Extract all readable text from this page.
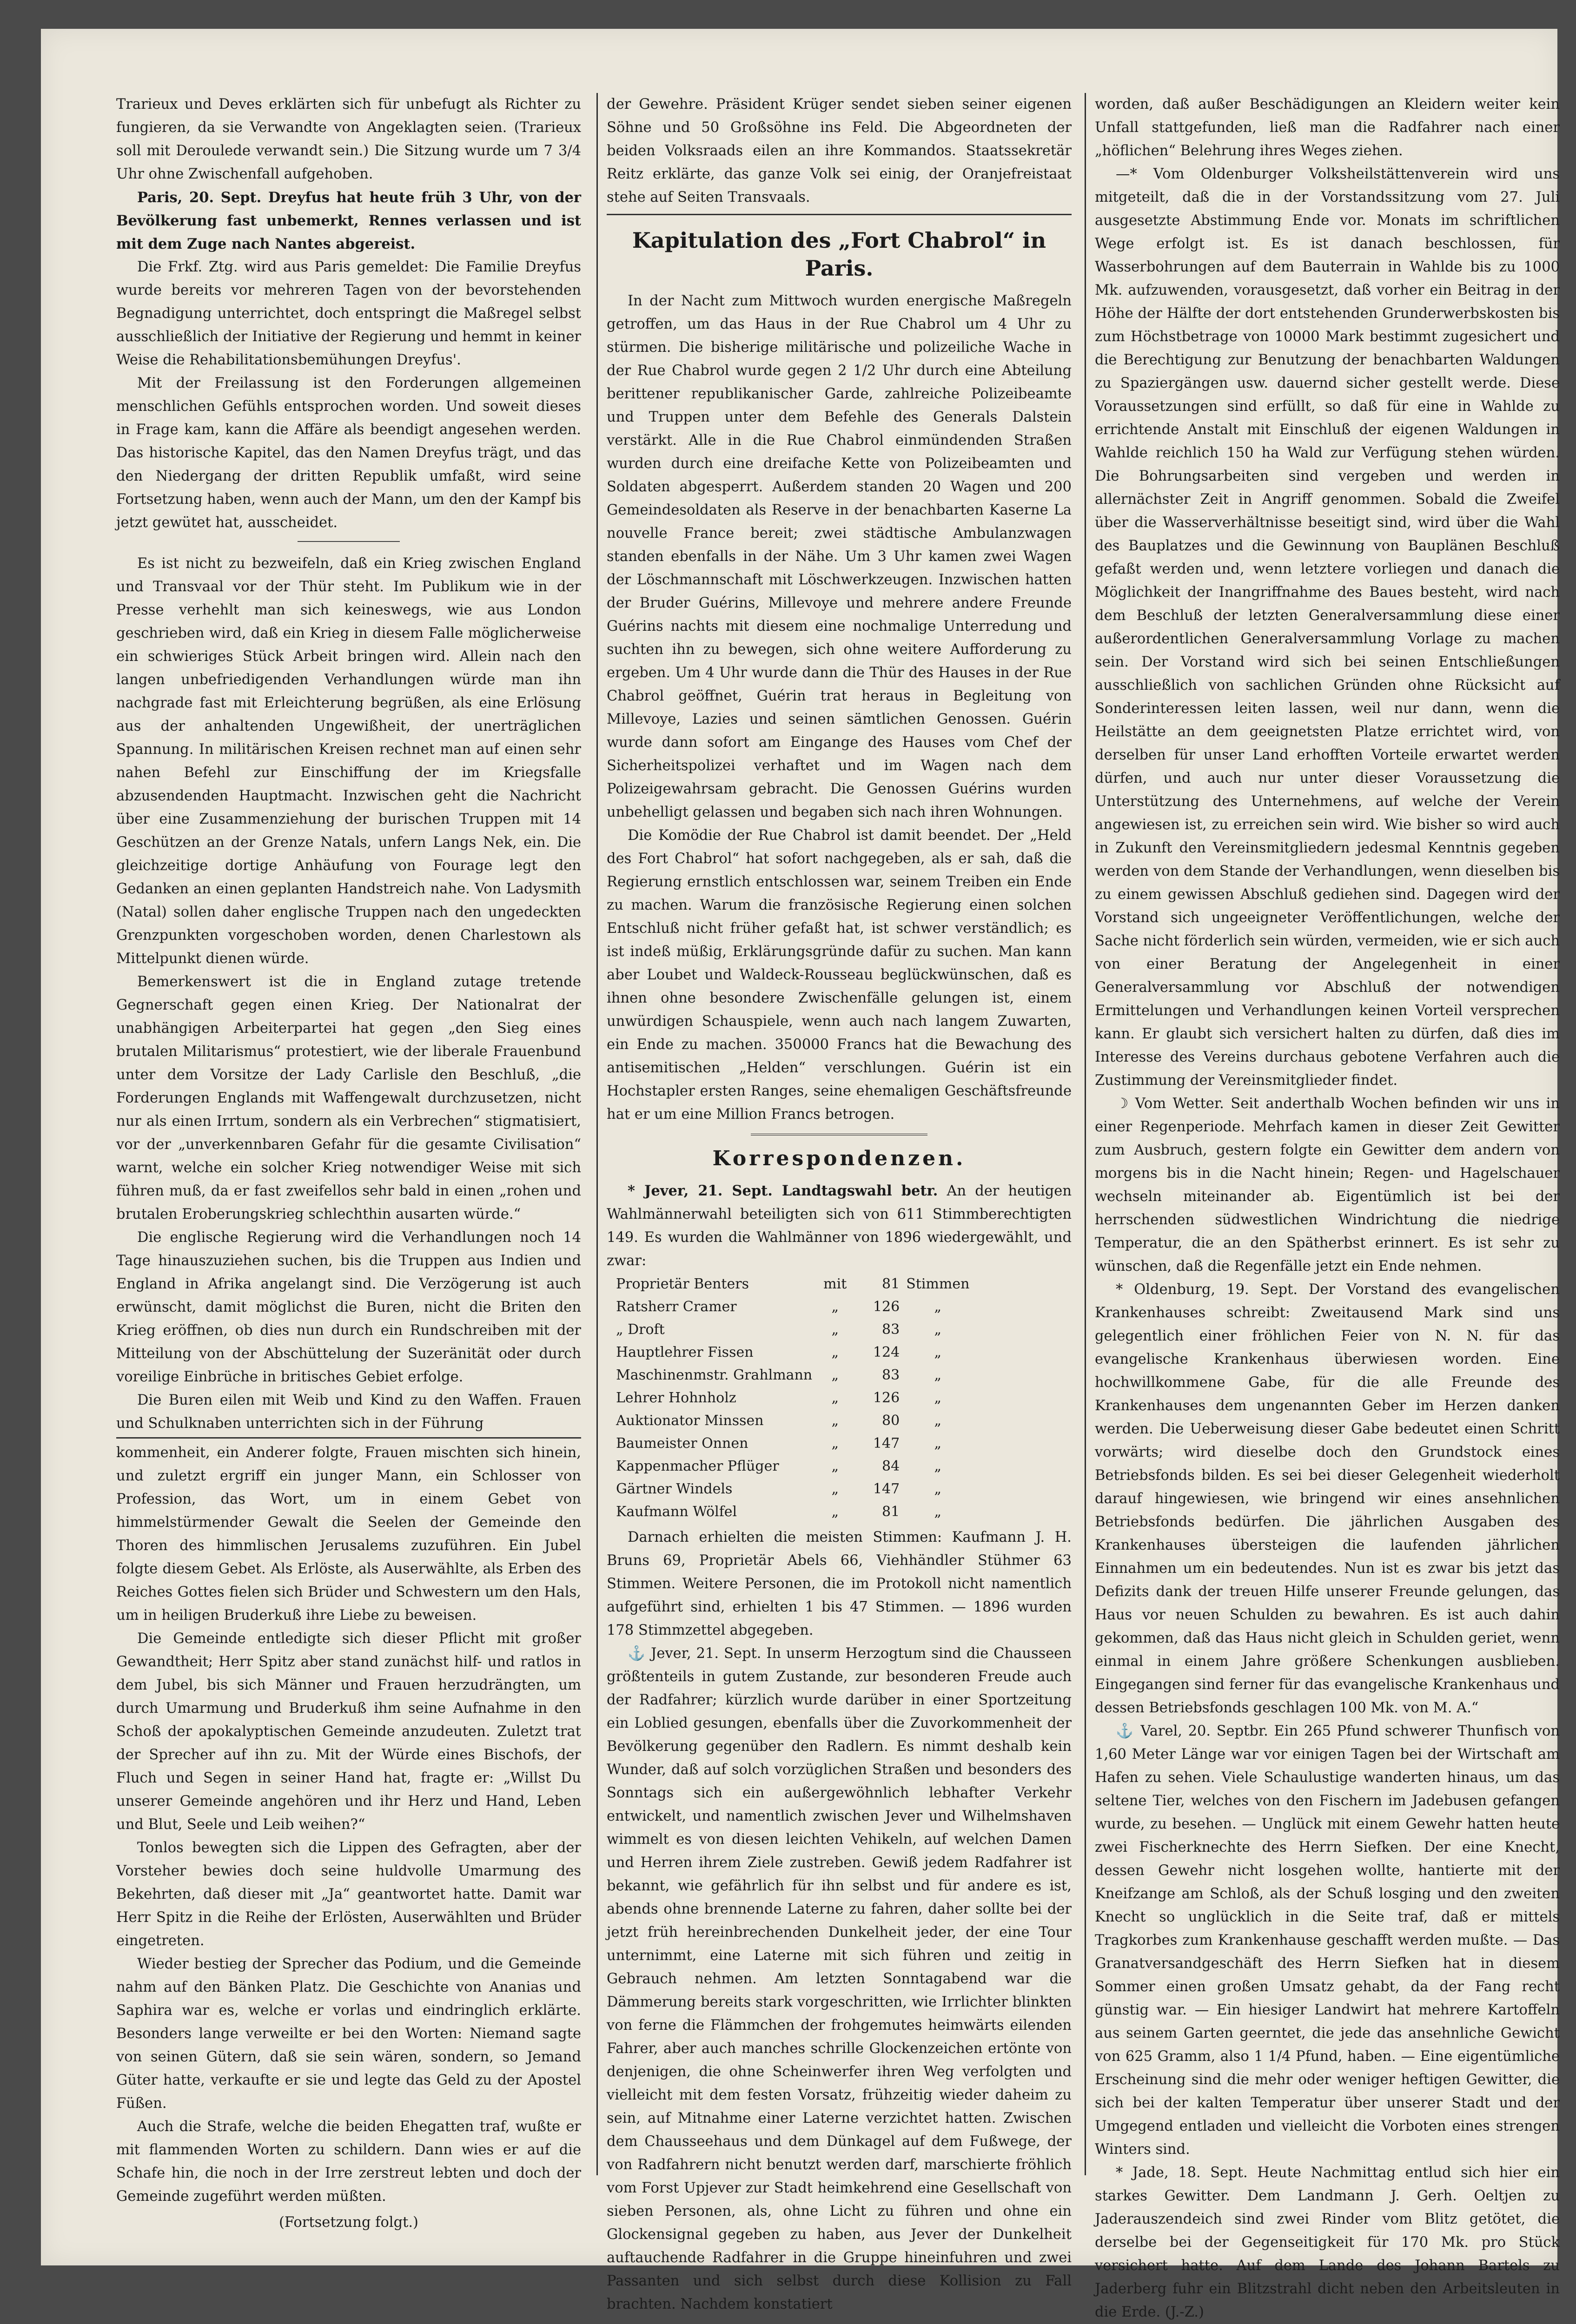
Trarieux und Deves erklärten sich für unbefugt als Richter zu fungieren, da sie Verwandte von Angeklagten seien. (Trarieux soll mit Deroulede verwandt sein.) Die Sitzung wurde um 7 3/4 Uhr ohne Zwischenfall aufgehoben.

Paris, 20. Sept. Dreyfus hat heute früh 3 Uhr, von der Bevölkerung fast unbemerkt, Rennes verlassen und ist mit dem Zuge nach Nantes abgereist.

Die Frkf. Ztg. wird aus Paris gemeldet: Die Familie Dreyfus wurde bereits vor mehreren Tagen von der bevorstehenden Begnadigung unterrichtet, doch entspringt die Maßregel selbst ausschließlich der Initiative der Regierung und hemmt in keiner Weise die Rehabilitationsbemühungen Dreyfus'.

Mit der Freilassung ist den Forderungen allgemeinen menschlichen Gefühls entsprochen worden. Und soweit dieses in Frage kam, kann die Affäre als beendigt angesehen werden. Das historische Kapitel, das den Namen Dreyfus trägt, und das den Niedergang der dritten Republik umfaßt, wird seine Fortsetzung haben, wenn auch der Mann, um den der Kampf bis jetzt gewütet hat, ausscheidet.

Es ist nicht zu bezweifeln, daß ein Krieg zwischen England und Transvaal vor der Thür steht. Im Publikum wie in der Presse verhehlt man sich keineswegs, wie aus London geschrieben wird, daß ein Krieg in diesem Falle möglicherweise ein schwieriges Stück Arbeit bringen wird. Allein nach den langen unbefriedigenden Verhandlungen würde man ihn nachgrade fast mit Erleichterung begrüßen, als eine Erlösung aus der anhaltenden Ungewißheit, der unerträglichen Spannung. In militärischen Kreisen rechnet man auf einen sehr nahen Befehl zur Einschiffung der im Kriegsfalle abzusendenden Hauptmacht. Inzwischen geht die Nachricht über eine Zusammenziehung der burischen Truppen mit 14 Geschützen an der Grenze Natals, unfern Langs Nek, ein. Die gleichzeitige dortige Anhäufung von Fourage legt den Gedanken an einen geplanten Handstreich nahe. Von Ladysmith (Natal) sollen daher englische Truppen nach den ungedeckten Grenzpunkten vorgeschoben worden, denen Charlestown als Mittelpunkt dienen würde.

Bemerkenswert ist die in England zutage tretende Gegnerschaft gegen einen Krieg. Der Nationalrat der unabhängigen Arbeiterpartei hat gegen „den Sieg eines brutalen Militarismus“ protestiert, wie der liberale Frauenbund unter dem Vorsitze der Lady Carlisle den Beschluß, „die Forderungen Englands mit Waffengewalt durchzusetzen, nicht nur als einen Irrtum, sondern als ein Verbrechen“ stigmatisiert, vor der „unverkennbaren Gefahr für die gesamte Civilisation“ warnt, welche ein solcher Krieg notwendiger Weise mit sich führen muß, da er fast zweifellos sehr bald in einen „rohen und brutalen Eroberungskrieg schlechthin ausarten würde.“

Die englische Regierung wird die Verhandlungen noch 14 Tage hinauszuziehen suchen, bis die Truppen aus Indien und England in Afrika angelangt sind. Die Verzögerung ist auch erwünscht, damit möglichst die Buren, nicht die Briten den Krieg eröffnen, ob dies nun durch ein Rundschreiben mit der Mitteilung von der Abschüttelung der Suzeränität oder durch voreilige Einbrüche in britisches Gebiet erfolge.

Die Buren eilen mit Weib und Kind zu den Waffen. Frauen und Schulknaben unterrichten sich in der Führung

kommenheit, ein Anderer folgte, Frauen mischten sich hinein, und zuletzt ergriff ein junger Mann, ein Schlosser von Profession, das Wort, um in einem Gebet von himmelstürmender Gewalt die Seelen der Gemeinde den Thoren des himmlischen Jerusalems zuzuführen. Ein Jubel folgte diesem Gebet. Als Erlöste, als Auserwählte, als Erben des Reiches Gottes fielen sich Brüder und Schwestern um den Hals, um in heiligen Bruderkuß ihre Liebe zu beweisen.

Die Gemeinde entledigte sich dieser Pflicht mit großer Gewandtheit; Herr Spitz aber stand zunächst hilf- und ratlos in dem Jubel, bis sich Männer und Frauen herzudrängten, um durch Umarmung und Bruderkuß ihm seine Aufnahme in den Schoß der apokalyptischen Gemeinde anzudeuten. Zuletzt trat der Sprecher auf ihn zu. Mit der Würde eines Bischofs, der Fluch und Segen in seiner Hand hat, fragte er: „Willst Du unserer Gemeinde angehören und ihr Herz und Hand, Leben und Blut, Seele und Leib weihen?“

Tonlos bewegten sich die Lippen des Gefragten, aber der Vorsteher bewies doch seine huldvolle Umarmung des Bekehrten, daß dieser mit „Ja“ geantwortet hatte. Damit war Herr Spitz in die Reihe der Erlösten, Auserwählten und Brüder eingetreten.

Wieder bestieg der Sprecher das Podium, und die Gemeinde nahm auf den Bänken Platz. Die Geschichte von Ananias und Saphira war es, welche er vorlas und eindringlich erklärte. Besonders lange verweilte er bei den Worten: Niemand sagte von seinen Gütern, daß sie sein wären, sondern, so Jemand Güter hatte, verkaufte er sie und legte das Geld zu der Apostel Füßen.

Auch die Strafe, welche die beiden Ehegatten traf, wußte er mit flammenden Worten zu schildern. Dann wies er auf die Schafe hin, die noch in der Irre zerstreut lebten und doch der Gemeinde zugeführt werden müßten.

(Fortsetzung folgt.)

der Gewehre. Präsident Krüger sendet sieben seiner eigenen Söhne und 50 Großsöhne ins Feld. Die Abgeordneten der beiden Volksraads eilen an ihre Kommandos. Staatssekretär Reitz erklärte, das ganze Volk sei einig, der Oranjefreistaat stehe auf Seiten Transvaals.

Kapitulation des „Fort Chabrol“ in Paris.

In der Nacht zum Mittwoch wurden energische Maßregeln getroffen, um das Haus in der Rue Chabrol um 4 Uhr zu stürmen. Die bisherige militärische und polizeiliche Wache in der Rue Chabrol wurde gegen 2 1/2 Uhr durch eine Abteilung berittener republikanischer Garde, zahlreiche Polizeibeamte und Truppen unter dem Befehle des Generals Dalstein verstärkt. Alle in die Rue Chabrol einmündenden Straßen wurden durch eine dreifache Kette von Polizeibeamten und Soldaten abgesperrt. Außerdem standen 20 Wagen und 200 Gemeindesoldaten als Reserve in der benachbarten Kaserne La nouvelle France bereit; zwei städtische Ambulanzwagen standen ebenfalls in der Nähe. Um 3 Uhr kamen zwei Wagen der Löschmannschaft mit Löschwerkzeugen. Inzwischen hatten der Bruder Guérins, Millevoye und mehrere andere Freunde Guérins nachts mit diesem eine nochmalige Unterredung und suchten ihn zu bewegen, sich ohne weitere Aufforderung zu ergeben. Um 4 Uhr wurde dann die Thür des Hauses in der Rue Chabrol geöffnet, Guérin trat heraus in Begleitung von Millevoye, Lazies und seinen sämtlichen Genossen. Guérin wurde dann sofort am Eingange des Hauses vom Chef der Sicherheitspolizei verhaftet und im Wagen nach dem Polizeigewahrsam gebracht. Die Genossen Guérins wurden unbehelligt gelassen und begaben sich nach ihren Wohnungen.

Die Komödie der Rue Chabrol ist damit beendet. Der „Held des Fort Chabrol“ hat sofort nachgegeben, als er sah, daß die Regierung ernstlich entschlossen war, seinem Treiben ein Ende zu machen. Warum die französische Regierung einen solchen Entschluß nicht früher gefaßt hat, ist schwer verständlich; es ist indeß müßig, Erklärungsgründe dafür zu suchen. Man kann aber Loubet und Waldeck-Rousseau beglückwünschen, daß es ihnen ohne besondere Zwischenfälle gelungen ist, einem unwürdigen Schauspiele, wenn auch nach langem Zuwarten, ein Ende zu machen. 350000 Francs hat die Bewachung des antisemitischen „Helden“ verschlungen. Guérin ist ein Hochstapler ersten Ranges, seine ehemaligen Geschäftsfreunde hat er um eine Million Francs betrogen.

Korrespondenzen.

* Jever, 21. Sept. Landtagswahl betr. An der heutigen Wahlmännerwahl beteiligten sich von 611 Stimmberechtigten 149. Es wurden die Wahlmänner von 1896 wiedergewählt, und zwar:

Proprietär Benters	mit	81	Stimmen
Ratsherr Cramer	„	126	„
„ Droft	„	83	„
Hauptlehrer Fissen	„	124	„
Maschinenmstr. Grahlmann	„	83	„
Lehrer Hohnholz	„	126	„
Auktionator Minssen	„	80	„
Baumeister Onnen	„	147	„
Kappenmacher Pflüger	„	84	„
Gärtner Windels	„	147	„
Kaufmann Wölfel	„	81	„

Darnach erhielten die meisten Stimmen: Kaufmann J. H. Bruns 69, Proprietär Abels 66, Viehhändler Stühmer 63 Stimmen. Weitere Personen, die im Protokoll nicht namentlich aufgeführt sind, erhielten 1 bis 47 Stimmen. — 1896 wurden 178 Stimmzettel abgegeben.

⚓ Jever, 21. Sept. In unserm Herzogtum sind die Chausseen größtenteils in gutem Zustande, zur besonderen Freude auch der Radfahrer; kürzlich wurde darüber in einer Sportzeitung ein Loblied gesungen, ebenfalls über die Zuvorkommenheit der Bevölkerung gegenüber den Radlern. Es nimmt deshalb kein Wunder, daß auf solch vorzüglichen Straßen und besonders des Sonntags sich ein außergewöhnlich lebhafter Verkehr entwickelt, und namentlich zwischen Jever und Wilhelmshaven wimmelt es von diesen leichten Vehikeln, auf welchen Damen und Herren ihrem Ziele zustreben. Gewiß jedem Radfahrer ist bekannt, wie gefährlich für ihn selbst und für andere es ist, abends ohne brennende Laterne zu fahren, daher sollte bei der jetzt früh hereinbrechenden Dunkelheit jeder, der eine Tour unternimmt, eine Laterne mit sich führen und zeitig in Gebrauch nehmen. Am letzten Sonntagabend war die Dämmerung bereits stark vorgeschritten, wie Irrlichter blinkten von ferne die Flämmchen der frohgemutes heimwärts eilenden Fahrer, aber auch manches schrille Glockenzeichen ertönte von denjenigen, die ohne Scheinwerfer ihren Weg verfolgten und vielleicht mit dem festen Vorsatz, frühzeitig wieder daheim zu sein, auf Mitnahme einer Laterne verzichtet hatten. Zwischen dem Chausseehaus und dem Dünkagel auf dem Fußwege, der von Radfahrern nicht benutzt werden darf, marschierte fröhlich vom Forst Upjever zur Stadt heimkehrend eine Gesellschaft von sieben Personen, als, ohne Licht zu führen und ohne ein Glockensignal gegeben zu haben, aus Jever der Dunkelheit auftauchende Radfahrer in die Gruppe hineinfuhren und zwei Passanten und sich selbst durch diese Kollision zu Fall brachten. Nachdem konstatiert

worden, daß außer Beschädigungen an Kleidern weiter kein Unfall stattgefunden, ließ man die Radfahrer nach einer „höflichen“ Belehrung ihres Weges ziehen.

—* Vom Oldenburger Volksheilstättenverein wird uns mitgeteilt, daß die in der Vorstandssitzung vom 27. Juli ausgesetzte Abstimmung Ende vor. Monats im schriftlichen Wege erfolgt ist. Es ist danach beschlossen, für Wasserbohrungen auf dem Bauterrain in Wahlde bis zu 1000 Mk. aufzuwenden, vorausgesetzt, daß vorher ein Beitrag in der Höhe der Hälfte der dort entstehenden Grunderwerbskosten bis zum Höchstbetrage von 10000 Mark bestimmt zugesichert und die Berechtigung zur Benutzung der benachbarten Waldungen zu Spaziergängen usw. dauernd sicher gestellt werde. Diese Voraussetzungen sind erfüllt, so daß für eine in Wahlde zu errichtende Anstalt mit Einschluß der eigenen Waldungen in Wahlde reichlich 150 ha Wald zur Verfügung stehen würden. Die Bohrungsarbeiten sind vergeben und werden in allernächster Zeit in Angriff genommen. Sobald die Zweifel über die Wasserverhältnisse beseitigt sind, wird über die Wahl des Bauplatzes und die Gewinnung von Bauplänen Beschluß gefaßt werden und, wenn letztere vorliegen und danach die Möglichkeit der Inangriffnahme des Baues besteht, wird nach dem Beschluß der letzten Generalversammlung diese einer außerordentlichen Generalversammlung Vorlage zu machen sein. Der Vorstand wird sich bei seinen Entschließungen ausschließlich von sachlichen Gründen ohne Rücksicht auf Sonderinteressen leiten lassen, weil nur dann, wenn die Heilstätte an dem geeignetsten Platze errichtet wird, von derselben für unser Land erhofften Vorteile erwartet werden dürfen, und auch nur unter dieser Voraussetzung die Unterstützung des Unternehmens, auf welche der Verein angewiesen ist, zu erreichen sein wird. Wie bisher so wird auch in Zukunft den Vereinsmitgliedern jedesmal Kenntnis gegeben werden von dem Stande der Verhandlungen, wenn dieselben bis zu einem gewissen Abschluß gediehen sind. Dagegen wird der Vorstand sich ungeeigneter Veröffentlichungen, welche der Sache nicht förderlich sein würden, vermeiden, wie er sich auch von einer Beratung der Angelegenheit in einer Generalversammlung vor Abschluß der notwendigen Ermittelungen und Verhandlungen keinen Vorteil versprechen kann. Er glaubt sich versichert halten zu dürfen, daß dies im Interesse des Vereins durchaus gebotene Verfahren auch die Zustimmung der Vereinsmitglieder findet.

☽ Vom Wetter. Seit anderthalb Wochen befinden wir uns in einer Regenperiode. Mehrfach kamen in dieser Zeit Gewitter zum Ausbruch, gestern folgte ein Gewitter dem andern von morgens bis in die Nacht hinein; Regen- und Hagelschauer wechseln miteinander ab. Eigentümlich ist bei der herrschenden südwestlichen Windrichtung die niedrige Temperatur, die an den Spätherbst erinnert. Es ist sehr zu wünschen, daß die Regenfälle jetzt ein Ende nehmen.

* Oldenburg, 19. Sept. Der Vorstand des evangelischen Krankenhauses schreibt: Zweitausend Mark sind uns gelegentlich einer fröhlichen Feier von N. N. für das evangelische Krankenhaus überwiesen worden. Eine hochwillkommene Gabe, für die alle Freunde des Krankenhauses dem ungenannten Geber im Herzen danken werden. Die Ueberweisung dieser Gabe bedeutet einen Schritt vorwärts; wird dieselbe doch den Grundstock eines Betriebsfonds bilden. Es sei bei dieser Gelegenheit wiederholt darauf hingewiesen, wie bringend wir eines ansehnlichen Betriebsfonds bedürfen. Die jährlichen Ausgaben des Krankenhauses übersteigen die laufenden jährlichen Einnahmen um ein bedeutendes. Nun ist es zwar bis jetzt das Defizits dank der treuen Hilfe unserer Freunde gelungen, das Haus vor neuen Schulden zu bewahren. Es ist auch dahin gekommen, daß das Haus nicht gleich in Schulden geriet, wenn einmal in einem Jahre größere Schenkungen ausblieben. Eingegangen sind ferner für das evangelische Krankenhaus und dessen Betriebsfonds geschlagen 100 Mk. von M. A.“

⚓ Varel, 20. Septbr. Ein 265 Pfund schwerer Thunfisch von 1,60 Meter Länge war vor einigen Tagen bei der Wirtschaft am Hafen zu sehen. Viele Schaulustige wanderten hinaus, um das seltene Tier, welches von den Fischern im Jadebusen gefangen wurde, zu besehen. — Unglück mit einem Gewehr hatten heute zwei Fischerknechte des Herrn Siefken. Der eine Knecht, dessen Gewehr nicht losgehen wollte, hantierte mit der Kneifzange am Schloß, als der Schuß losging und den zweiten Knecht so unglücklich in die Seite traf, daß er mittels Tragkorbes zum Krankenhause geschafft werden mußte. — Das Granatversandgeschäft des Herrn Siefken hat in diesem Sommer einen großen Umsatz gehabt, da der Fang recht günstig war. — Ein hiesiger Landwirt hat mehrere Kartoffeln aus seinem Garten geerntet, die jede das ansehnliche Gewicht von 625 Gramm, also 1 1/4 Pfund, haben. — Eine eigentümliche Erscheinung sind die mehr oder weniger heftigen Gewitter, die sich bei der kalten Temperatur über unserer Stadt und der Umgegend entladen und vielleicht die Vorboten eines strengen Winters sind.

* Jade, 18. Sept. Heute Nachmittag entlud sich hier ein starkes Gewitter. Dem Landmann J. Gerh. Oeltjen zu Jaderauszendeich sind zwei Rinder vom Blitz getötet, die derselbe bei der Gegenseitigkeit für 170 Mk. pro Stück versichert hatte. Auf dem Lande des Johann Bartels zu Jaderberg fuhr ein Blitzstrahl dicht neben den Arbeitsleuten in die Erde. (J.-Z.)
